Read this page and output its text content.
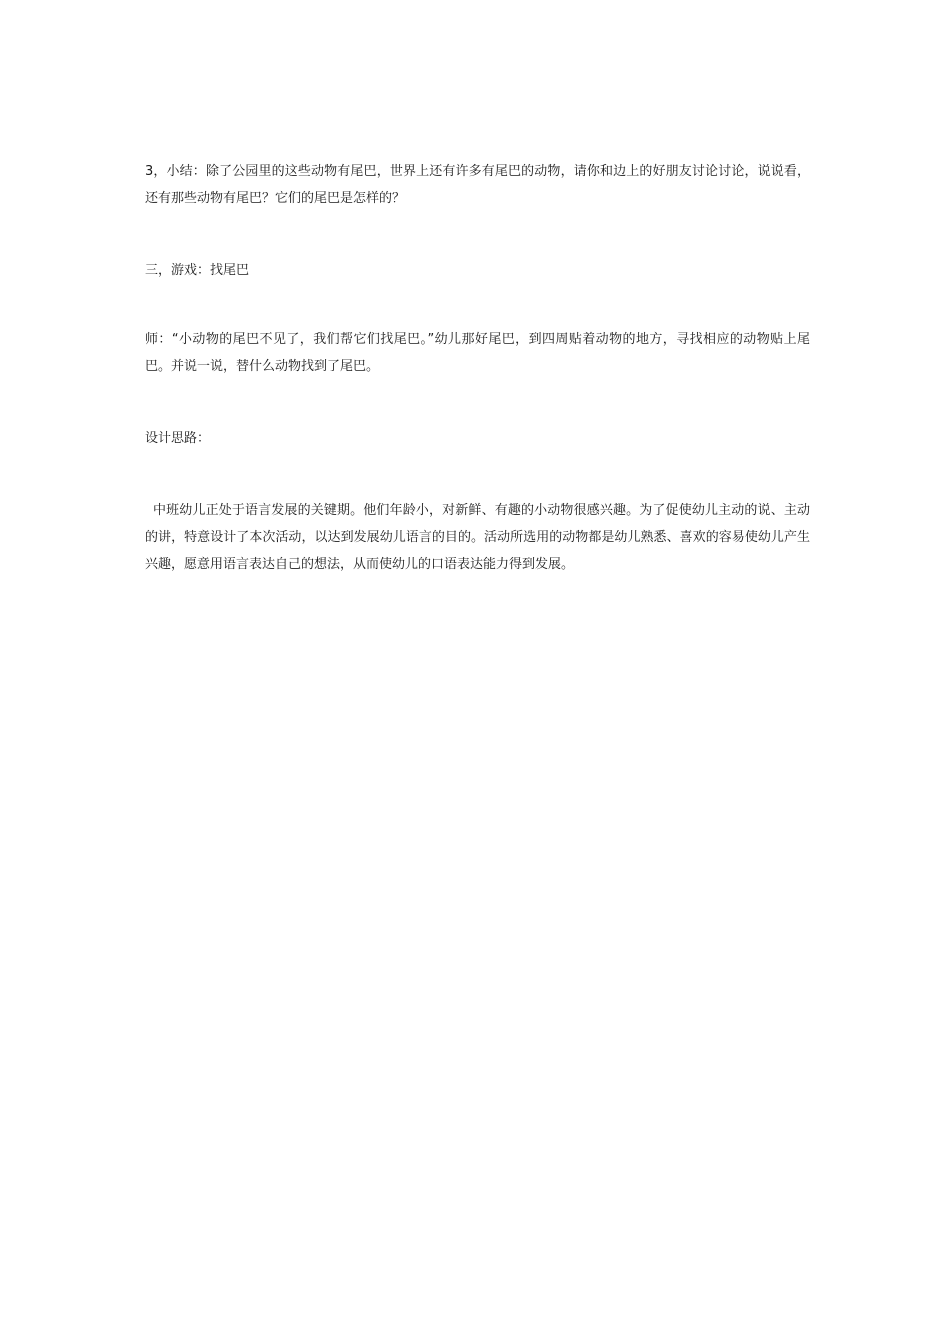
3，小结：除了公园里的这些动物有尾巴，世界上还有许多有尾巴的动物，请你和边上的好朋友讨论讨论，说说看，还有那些动物有尾巴？它们的尾巴是怎样的？

三，游戏：找尾巴

师：“小动物的尾巴不见了，我们帮它们找尾巴。”幼儿那好尾巴，到四周贴着动物的地方，寻找相应的动物贴上尾巴。并说一说，替什么动物找到了尾巴。

设计思路：

中班幼儿正处于语言发展的关键期。他们年龄小，对新鲜、有趣的小动物很感兴趣。为了促使幼儿主动的说、主动的讲，特意设计了本次活动，以达到发展幼儿语言的目的。活动所选用的动物都是幼儿熟悉、喜欢的容易使幼儿产生兴趣，愿意用语言表达自己的想法，从而使幼儿的口语表达能力得到发展。
